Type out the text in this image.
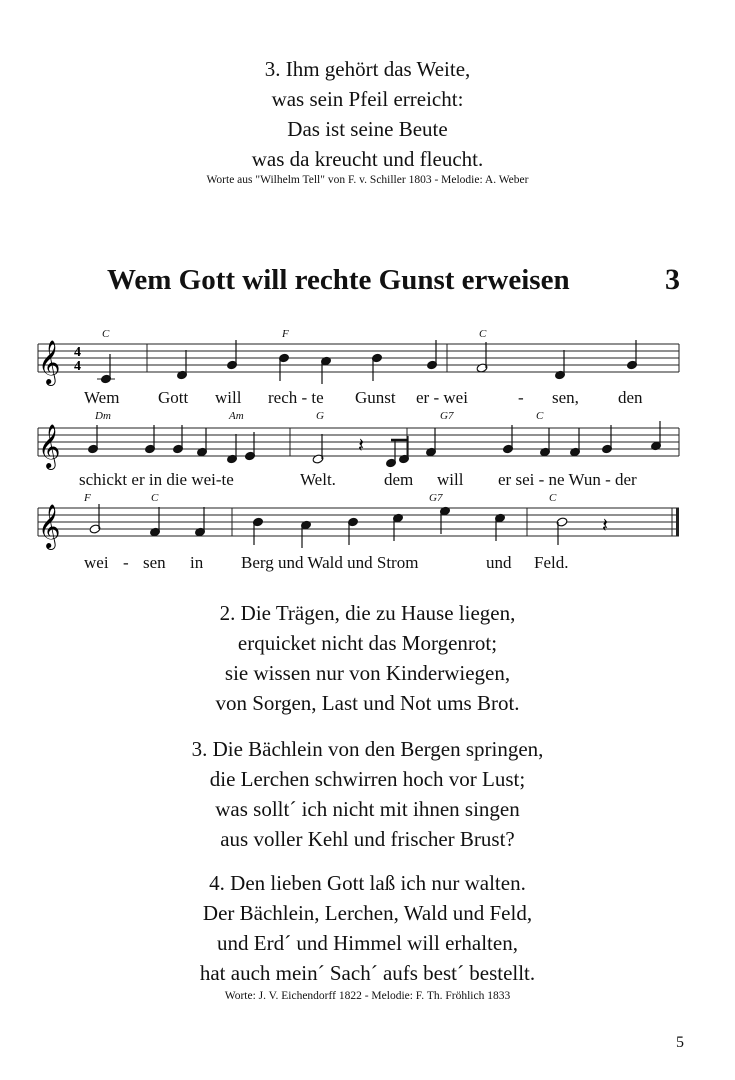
3. Ihm gehört das Weite,
was sein Pfeil erreicht:
Das ist seine Beute
was da kreucht und fleucht.
Worte aus "Wilhelm Tell" von F. v. Schiller 1803 - Melodie: A. Weber
Wem Gott will rechte Gunst erweisen	3
C	F	C
𝄞 4
4
Wem Gott will rech - te Gunst er - wei	- sen, den
Dm	Am	G	G7	C
𝄞	𝄽
schickt er in die wei-te	Welt.	dem will er sei - ne Wun - der
F	C	G7	C
𝄞	𝄽
wei - sen in Berg und Wald und Strom	und Feld.
2. Die Trägen, die zu Hause liegen,
erquicket nicht das Morgenrot;
sie wissen nur von Kinderwiegen,
von Sorgen, Last und Not ums Brot.
3. Die Bächlein von den Bergen springen,
die Lerchen schwirren hoch vor Lust;
was sollt´ ich nicht mit ihnen singen
aus voller Kehl und frischer Brust?
4. Den lieben Gott laß ich nur walten.
Der Bächlein, Lerchen, Wald und Feld,
und Erd´ und Himmel will erhalten,
hat auch mein´ Sach´ aufs best´ bestellt.
Worte: J. V. Eichendorff 1822 - Melodie: F. Th. Fröhlich 1833
5
